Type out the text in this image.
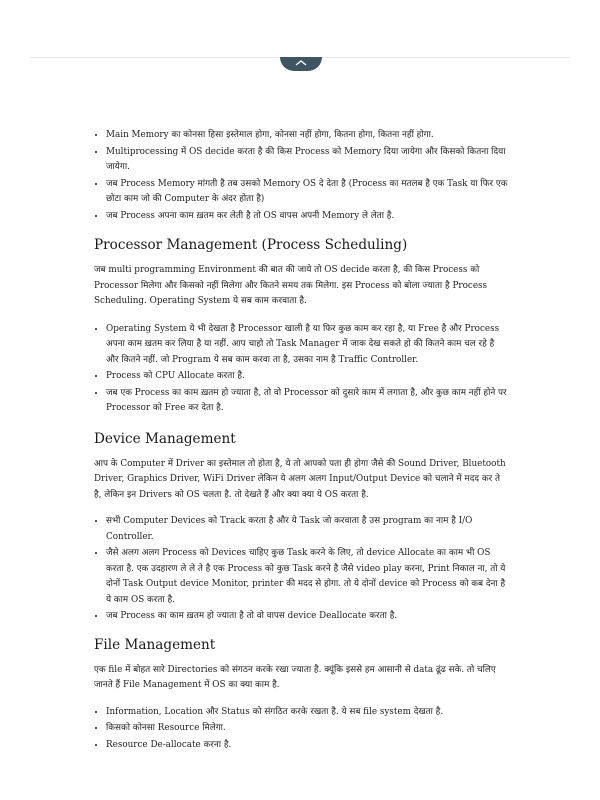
• Main Memory का कोनसा हिसा इस्तेमाल होगा, कोनसा नहीं होगा, कितना होगा, कितना नहीं होगा.
• Multiprocessing में OS decide करता है की किस Process को Memory दिया जायेगा और किसको कितना दिया जायेगा.
• जब Process Memory मांगती है तब उसको Memory OS दे देता है (Process का मतलब है एक Task या फिर एक छोटा काम जो की Computer के अंदर होता है)
• जब Process अपना काम ख़तम कर लेती है तो OS वापस अपनी Memory ले लेता है.
Processor Management (Process Scheduling)

जब multi programming Environment की बात की जाये तो OS decide करता है, की किस Process को Processor मिलेगा और किसको नहीं मिलेगा और कितने समय तक मिलेगा. इस Process को बोला ज्याता है Process Scheduling. Operating System ये सब काम करवाता है.

• Operating System ये भी देखता है Processor खाली है या फिर कुछ काम कर रहा है, या Free है और Process अपना काम ख़तम कर लिया है या नहीं. आप चाहो तो Task Manager में जाक देख सकते हो की कितने काम चल रहे है और कितने नहीं. जो Program ये सब काम करवा ता है, उसका नाम है Traffic Controller.
• Process को CPU Allocate करता है.
• जब एक Process का काम ख़तम हो ज्याता है, तो वो Processor को दुसारे काम में लगाता है, और कुछ काम नहीं होने पर Processor को Free कर देता है.
Device Management

आप के Computer में Driver का इस्तेमाल तो होता है, ये तो आपको पता ही होगा जैसे की Sound Driver, Bluetooth Driver, Graphics Driver, WiFi Driver लेकिन ये अलग अलग Input/Output Device को चलाने में मदद कर ते है, लेकिन इन Drivers को OS चलता है. तो देखते हैं और क्या क्या ये OS करता है.

• सभी Computer Devices को Track करता है और ये Task जो करवाता है उस program का नाम है I/O Controller.
• जैसे अलग अलग Process को Devices चाहिए कुछ Task करने के लिए, तो device Allocate का काम भी OS करता है. एक उदहारण ले ले ते है एक Process को कुछ Task करने है जैसे video play करना, Print निकाल ना, तो ये दोनों Task Output device Monitor, printer की मदद से होगा. तो ये दोनों device को Process को कब देना है ये काम OS करता है.
• जब Process का काम ख़तम हो ज्याता है तो वो वापस device Deallocate करता है.
File Management

एक file में बोहत सारे Directories को संगठन करके रखा ज्याता है. क्यूंकि इससे हम आसानी से data ढूंढ सके. तो चलिए जानते हैं File Management में OS का क्या काम है.

• Information, Location और Status को संगठित करके रखता है. ये सब file system देखता है.
• किसको कोनसा Resource मिलेगा.
• Resource De-allocate करना है.
